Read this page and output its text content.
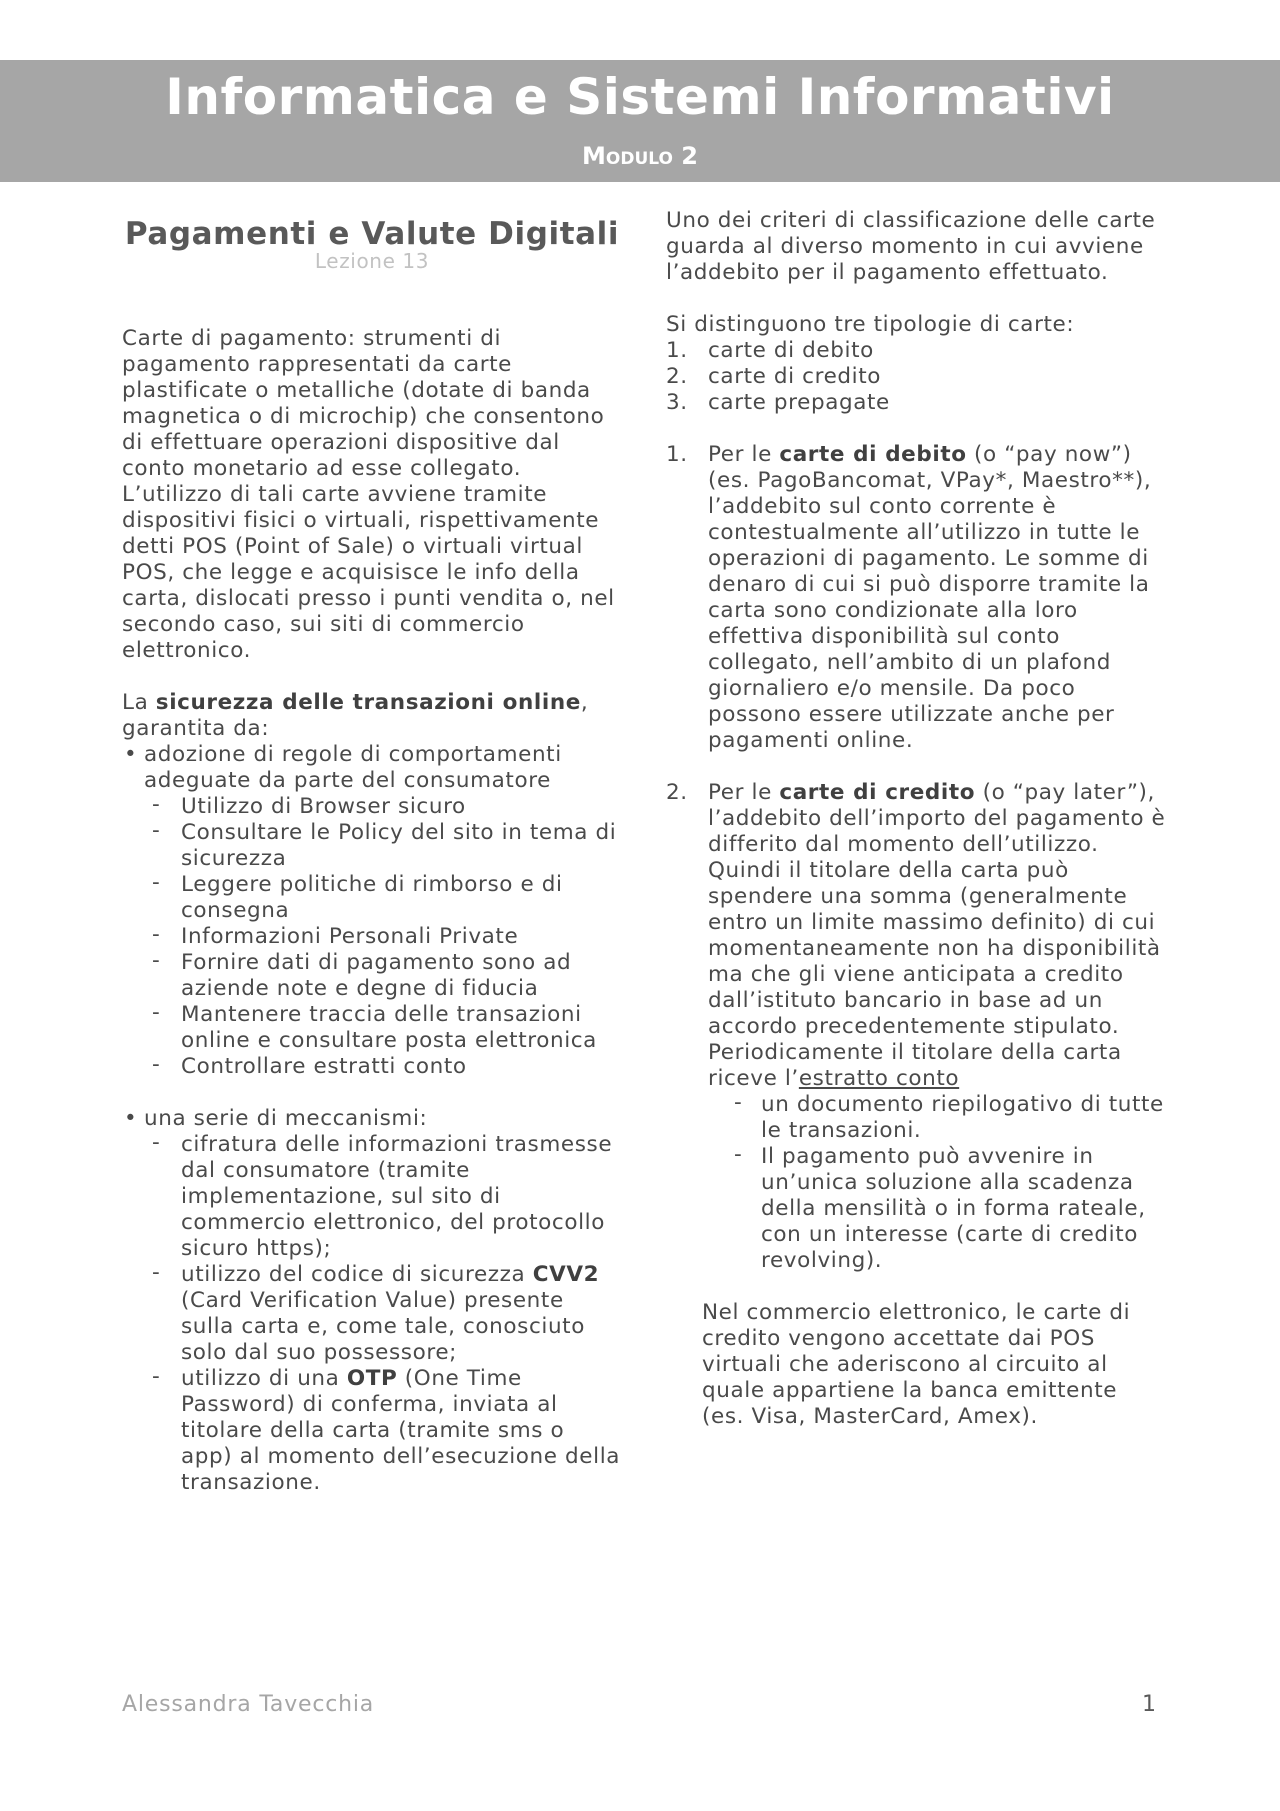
Informatica e Sistemi Informativi
Modulo 2
Pagamenti e Valute Digitali
Lezione 13

Carte di pagamento: strumenti di pagamento rappresentati da carte plastificate o metalliche (dotate di banda magnetica o di microchip) che consentono di effettuare operazioni dispositive dal conto monetario ad esse collegato.

L’utilizzo di tali carte avviene tramite dispositivi fisici o virtuali, rispettivamente detti POS (Point of Sale) o virtuali virtual POS, che legge e acquisisce le info della carta, dislocati presso i punti vendita o, nel secondo caso, sui siti di commercio elettronico.

La sicurezza delle transazioni online, garantita da:

• adozione di regole di comportamenti adeguate da parte del consumatore
- Utilizzo di Browser sicuro
- Consultare le Policy del sito in tema di sicurezza
- Leggere politiche di rimborso e di consegna
- Informazioni Personali Private
- Fornire dati di pagamento sono ad aziende note e degne di fiducia
- Mantenere traccia delle transazioni online e consultare posta elettronica
- Controllare estratti conto
• una serie di meccanismi:
- cifratura delle informazioni trasmesse dal consumatore (tramite implementazione, sul sito di commercio elettronico, del protocollo sicuro https);
- utilizzo del codice di sicurezza CVV2 (Card Verification Value) presente sulla carta e, come tale, conosciuto solo dal suo possessore;
- utilizzo di una OTP (One Time Password) di conferma, inviata al titolare della carta (tramite sms o app) al momento dell’esecuzione della transazione.

Uno dei criteri di classificazione delle carte guarda al diverso momento in cui avviene l’addebito per il pagamento effettuato.

Si distinguono tre tipologie di carte:

1. carte di debito
2. carte di credito
3. carte prepagate
1. Per le carte di debito (o “pay now”)(es. PagoBancomat, VPay*, Maestro**), l’addebito sul conto corrente è contestualmente all’utilizzo in tutte le operazioni di pagamento. Le somme di denaro di cui si può disporre tramite la carta sono condizionate alla loro effettiva disponibilità sul conto collegato, nell’ambito di un plafond giornaliero e/o mensile. Da poco possono essere utilizzate anche per pagamenti online.
2. Per le carte di credito (o “pay later”), l’addebito dell’importo del pagamento è differito dal momento dell’utilizzo. Quindi il titolare della carta può spendere una somma (generalmente entro un limite massimo definito) di cui momentaneamente non ha disponibilità ma che gli viene anticipata a credito dall’istituto bancario in base ad un accordo precedentemente stipulato. Periodicamente il titolare della carta riceve l’estratto conto
- un documento riepilogativo di tutte le transazioni.
- Il pagamento può avvenire in un’unica soluzione alla scadenza della mensilità o in forma rateale, con un interesse (carte di credito revolving).

Nel commercio elettronico, le carte di credito vengono accettate dai POS virtuali che aderiscono al circuito al quale appartiene la banca emittente (es. Visa, MasterCard, Amex).

Alessandra Tavecchia	1
